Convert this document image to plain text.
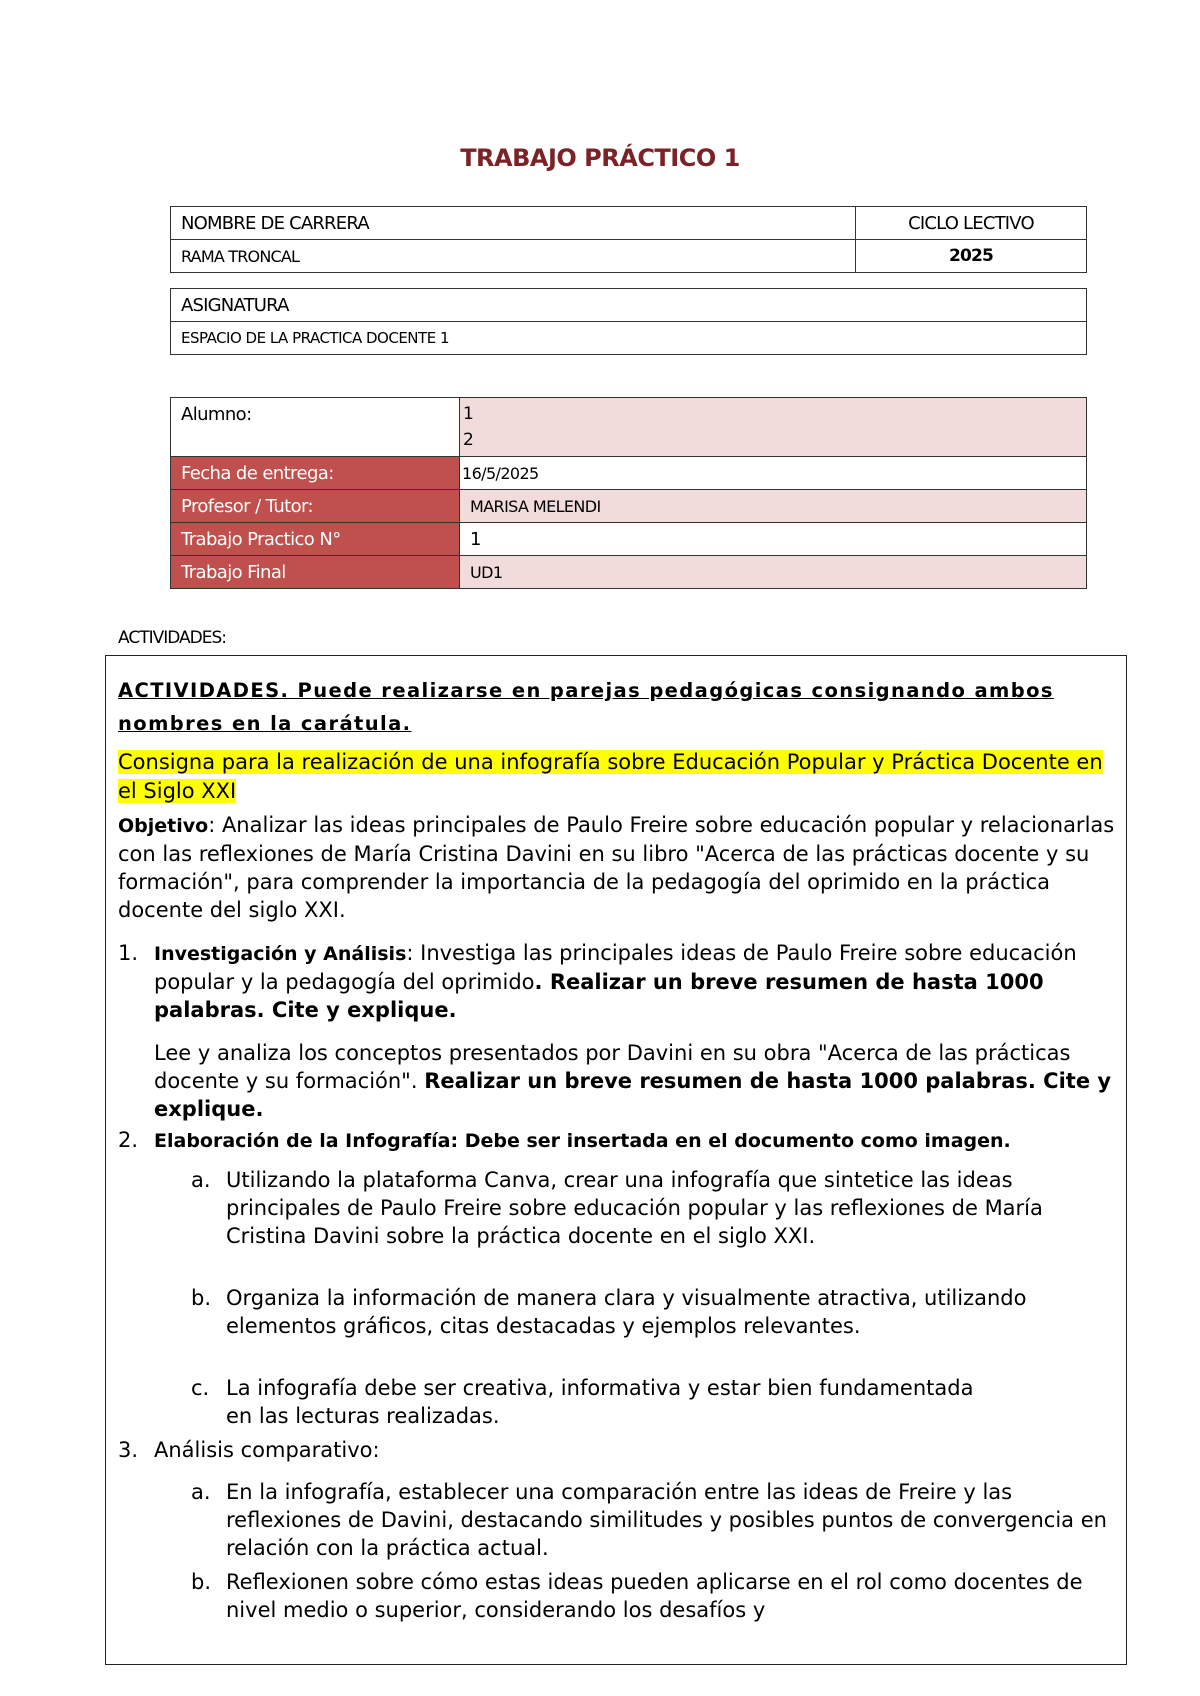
TRABAJO PRÁCTICO 1
NOMBRE DE CARRERA	CICLO LECTIVO
RAMA TRONCAL	2025
ASIGNATURA
ESPACIO DE LA PRACTICA DOCENTE 1
Alumno:	1
2

Fecha de entrega:	16/5/2025
Profesor / Tutor:	MARISA MELENDI
Trabajo Practico N°	1
Trabajo Final	UD1
ACTIVIDADES:
ACTIVIDADES. Puede realizarse en parejas pedagógicas consignando ambos nombres en la carátula.
Consigna para la realización de una infografía sobre Educación Popular y Práctica Docente en el Siglo XXI
Objetivo: Analizar las ideas principales de Paulo Freire sobre educación popular y relacionarlas con las reflexiones de María Cristina Davini en su libro "Acerca de las prácticas docente y su formación", para comprender la importancia de la pedagogía del oprimido en la práctica docente del siglo XXI.
1. Investigación y Análisis: Investiga las principales ideas de Paulo Freire sobre educación popular y la pedagogía del oprimido. Realizar un breve resumen de hasta 1000 palabras. Cite y explique.
Lee y analiza los conceptos presentados por Davini en su obra "Acerca de las prácticas docente y su formación". Realizar un breve resumen de hasta 1000 palabras. Cite y explique.
2. Elaboración de la Infografía: Debe ser insertada en el documento como imagen.
a. Utilizando la plataforma Canva, crear una infografía que sintetice las ideas principales de Paulo Freire sobre educación popular y las reflexiones de María Cristina Davini sobre la práctica docente en el siglo XXI.
b. Organiza la información de manera clara y visualmente atractiva, utilizando elementos gráficos, citas destacadas y ejemplos relevantes.
c. La infografía debe ser creativa, informativa y estar bien fundamentada en las lecturas realizadas.
3. Análisis comparativo:
a. En la infografía, establecer una comparación entre las ideas de Freire y las reflexiones de Davini, destacando similitudes y posibles puntos de convergencia en relación con la práctica actual.
b. Reflexionen sobre cómo estas ideas pueden aplicarse en el rol como docentes de nivel medio o superior, considerando los desafíos y
